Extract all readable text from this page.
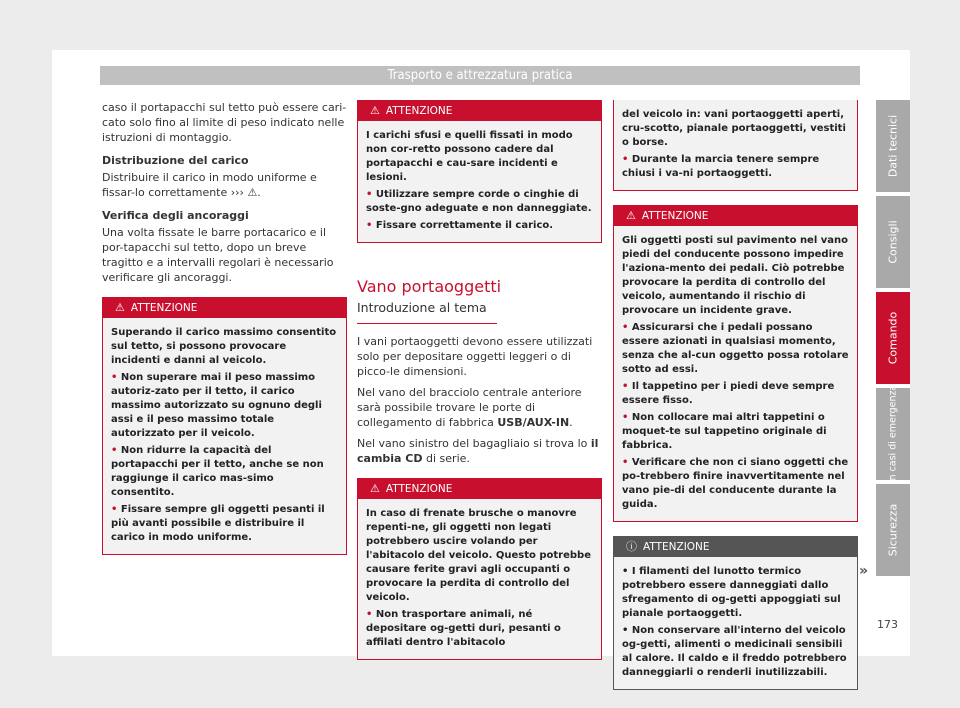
Trasporto e attrezzatura pratica

caso il portapacchi sul tetto può essere cari-cato solo fino al limite di peso indicato nelle istruzioni di montaggio.

Distribuzione del carico

Distribuire il carico in modo uniforme e fissar-lo correttamente ››› ⚠.

Verifica degli ancoraggi

Una volta fissate le barre portacarico e il por-tapacchi sul tetto, dopo un breve tragitto e a intervalli regolari è necessario verificare gli ancoraggi.

⚠ ATTENZIONE
Superando il carico massimo consentito sul tetto, si possono provocare incidenti e danni al veicolo.
• Non superare mai il peso massimo autoriz-zato per il tetto, il carico massimo autorizzato su ognuno degli assi e il peso massimo totale autorizzato per il veicolo.
• Non ridurre la capacità del portapacchi per il tetto, anche se non raggiunge il carico mas-simo consentito.
• Fissare sempre gli oggetti pesanti il più avanti possibile e distribuire il carico in modo uniforme.
⚠ ATTENZIONE
I carichi sfusi e quelli fissati in modo non cor-retto possono cadere dal portapacchi e cau-sare incidenti e lesioni.
• Utilizzare sempre corde o cinghie di soste-gno adeguate e non danneggiate.
• Fissare correttamente il carico.
Vano portaoggetti
Introduzione al tema

I vani portaoggetti devono essere utilizzati solo per depositare oggetti leggeri o di picco-le dimensioni.

Nel vano del bracciolo centrale anteriore sarà possibile trovare le porte di collegamento di fabbrica USB/AUX-IN.

Nel vano sinistro del bagagliaio si trova lo il cambia CD di serie.

⚠ ATTENZIONE
In caso di frenate brusche o manovre repenti-ne, gli oggetti non legati potrebbero uscire volando per l'abitacolo del veicolo. Questo potrebbe causare ferite gravi agli occupanti o provocare la perdita di controllo del veicolo.
• Non trasportare animali, né depositare og-getti duri, pesanti o affilati dentro l'abitacolo
del veicolo in: vani portaoggetti aperti, cru-scotto, pianale portaoggetti, vestiti o borse.
• Durante la marcia tenere sempre chiusi i va-ni portaoggetti.
⚠ ATTENZIONE
Gli oggetti posti sul pavimento nel vano piedi del conducente possono impedire l'aziona-mento dei pedali. Ciò potrebbe provocare la perdita di controllo del veicolo, aumentando il rischio di provocare un incidente grave.
• Assicurarsi che i pedali possano essere azionati in qualsiasi momento, senza che al-cun oggetto possa rotolare sotto ad essi.
• Il tappetino per i piedi deve sempre essere fisso.
• Non collocare mai altri tappetini o moquet-te sul tappetino originale di fabbrica.
• Verificare che non ci siano oggetti che po-trebbero finire inavvertitamente nel vano pie-di del conducente durante la guida.
ⓘ ATTENZIONE
• I filamenti del lunotto termico potrebbero essere danneggiati dallo sfregamento di og-getti appoggiati sul pianale portaoggetti.
• Non conservare all'interno del veicolo og-getti, alimenti o medicinali sensibili al calore. Il caldo e il freddo potrebbero danneggiarli o renderli inutilizzabili.
»
Dati tecnici
Consigli
Comando
In casi di emergenza
Sicurezza
173
